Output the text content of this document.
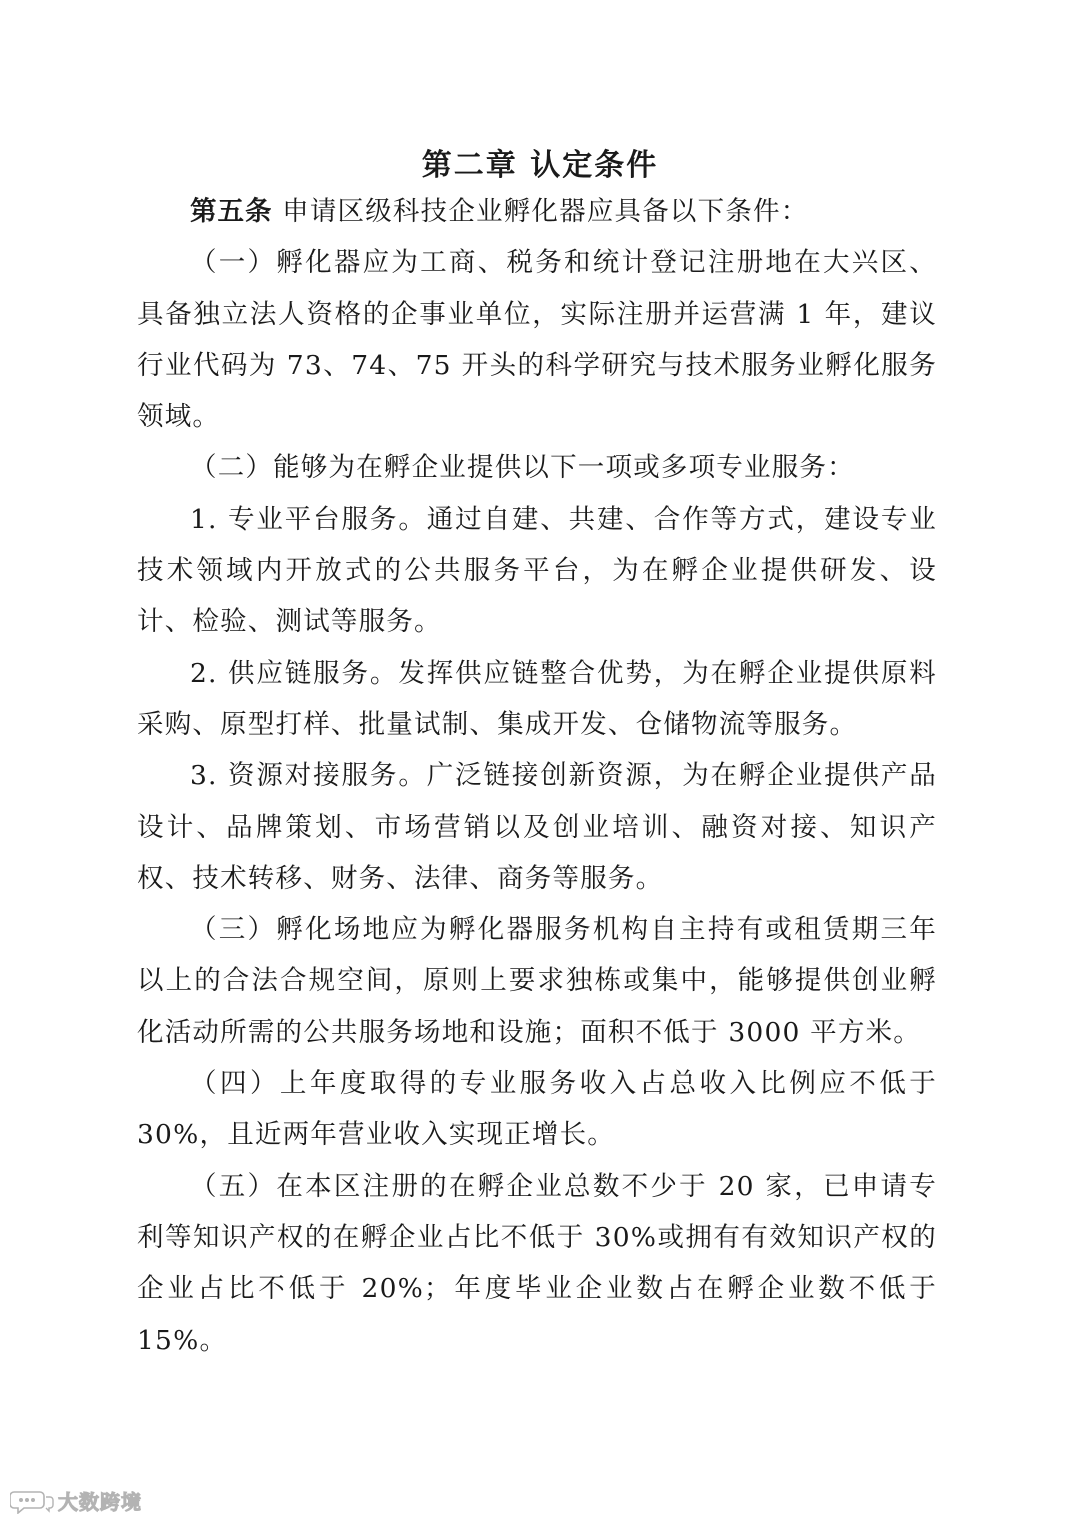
第二章 认定条件

第五条 申请区级科技企业孵化器应具备以下条件：

（一）孵化器应为工商、税务和统计登记注册地在大兴区、具备独立法人资格的企事业单位，实际注册并运营满 1 年，建议行业代码为 73、74、75 开头的科学研究与技术服务业孵化服务领域。

（二）能够为在孵企业提供以下一项或多项专业服务：

1. 专业平台服务。通过自建、共建、合作等方式，建设专业技术领域内开放式的公共服务平台，为在孵企业提供研发、设计、检验、测试等服务。

2. 供应链服务。发挥供应链整合优势，为在孵企业提供原料采购、原型打样、批量试制、集成开发、仓储物流等服务。

3. 资源对接服务。广泛链接创新资源，为在孵企业提供产品设计、品牌策划、市场营销以及创业培训、融资对接、知识产权、技术转移、财务、法律、商务等服务。

（三）孵化场地应为孵化器服务机构自主持有或租赁期三年以上的合法合规空间，原则上要求独栋或集中，能够提供创业孵化活动所需的公共服务场地和设施；面积不低于 3000 平方米。

（四）上年度取得的专业服务收入占总收入比例应不低于 30%，且近两年营业收入实现正增长。

（五）在本区注册的在孵企业总数不少于 20 家，已申请专利等知识产权的在孵企业占比不低于 30%或拥有有效知识产权的企业占比不低于 20%；年度毕业企业数占在孵企业数不低于 15%。

大数跨境
